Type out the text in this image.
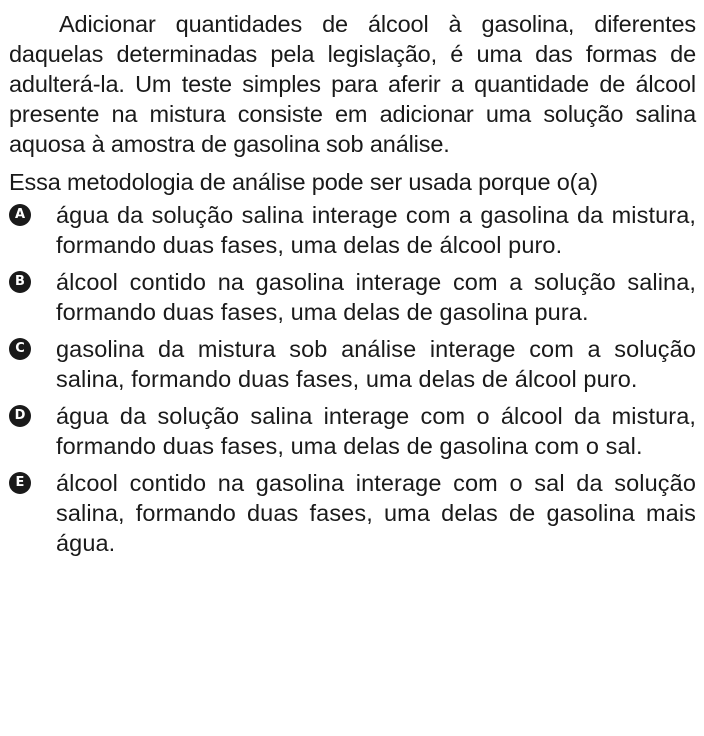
Adicionar quantidades de álcool à gasolina, diferentes daquelas determinadas pela legislação, é uma das formas de adulterá-la. Um teste simples para aferir a quantidade de álcool presente na mistura consiste em adicionar uma solução salina aquosa à amostra de gasolina sob análise.

Essa metodologia de análise pode ser usada porque o(a)

A água da solução salina interage com a gasolina da mistura, formando duas fases, uma delas de álcool puro.
B álcool contido na gasolina interage com a solução salina, formando duas fases, uma delas de gasolina pura.
C gasolina da mistura sob análise interage com a solução salina, formando duas fases, uma delas de álcool puro.
D água da solução salina interage com o álcool da mistura, formando duas fases, uma delas de gasolina com o sal.
E álcool contido na gasolina interage com o sal da solução salina, formando duas fases, uma delas de gasolina mais água.
